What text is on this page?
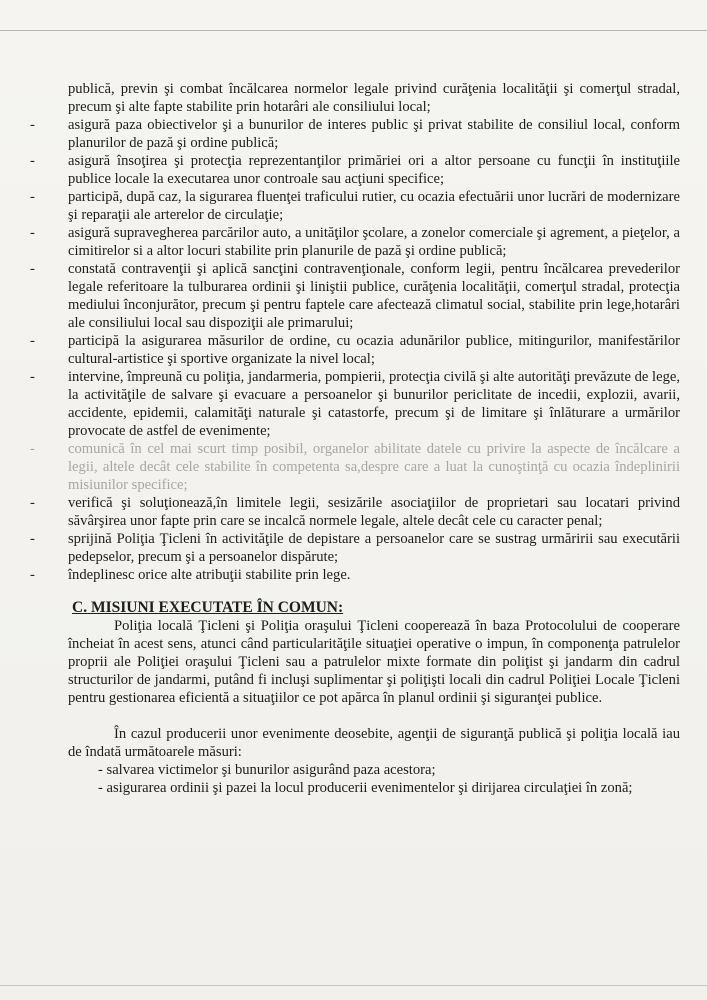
publică, previn şi combat încălcarea normelor legale privind curăţenia localităţii şi comerţul stradal, precum şi alte fapte stabilite prin hotarâri ale consiliului local;
- asigură paza obiectivelor şi a bunurilor de interes public şi privat stabilite de consiliul local, conform planurilor de pază şi ordine publică;
- asigură însoţirea şi protecţia reprezentanţilor primăriei ori a altor persoane cu funcţii în instituţiile publice locale la executarea unor controale sau acţiuni specifice;
- participă, după caz, la sigurarea fluenţei traficului rutier, cu ocazia efectuării unor lucrări de modernizare şi reparaţii ale arterelor de circulaţie;
- asigură supravegherea parcărilor auto, a unităţilor şcolare, a zonelor comerciale şi agrement, a pieţelor, a cimitirelor si a altor locuri stabilite prin planurile de pază şi ordine publică;
- constată contravenţii şi aplică sancţini contravenţionale, conform legii, pentru încălcarea prevederilor legale referitoare la tulburarea ordinii şi liniştii publice, curăţenia localităţii, comerţul stradal, protecţia mediului înconjurător, precum şi pentru faptele care afectează climatul social, stabilite prin lege,hotarâri ale consiliului local sau dispoziţii ale primarului;
- participă la asigurarea măsurilor de ordine, cu ocazia adunărilor publice, mitingurilor, manifestărilor cultural-artistice şi sportive organizate la nivel local;
- intervine, împreună cu poliţia, jandarmeria, pompierii, protecţia civilă şi alte autorităţi prevăzute de lege, la activităţile de salvare şi evacuare a persoanelor şi bunurilor periclitate de incedii, explozii, avarii, accidente, epidemii, calamităţi naturale şi catastorfe, precum şi de limitare şi înlăturare a urmărilor provocate de astfel de evenimente;
- comunică în cel mai scurt timp posibil, organelor abilitate datele cu privire la aspecte de încălcare a legii, altele decât cele stabilite în competenta sa,despre care a luat la cunoştinţă cu ocazia îndeplinirii misiunilor specifice;
- verifică şi soluţionează,în limitele legii, sesizările asociaţiilor de proprietari sau locatari privind săvârşirea unor fapte prin care se incalcă normele legale, altele decât cele cu caracter penal;
- sprijină Poliţia Ţicleni în activităţile de depistare a persoanelor care se sustrag urmăririi sau executării pedepselor, precum şi a persoanelor dispărute;
- îndeplinesc orice alte atribuţii stabilite prin lege.
C. MISIUNI EXECUTATE ÎN COMUN:
Poliţia locală Ţicleni şi Poliţia oraşului Ţicleni cooperează în baza Protocolului de cooperare încheiat în acest sens, atunci când particularităţile situaţiei operative o impun, în componenţa patrulelor proprii ale Poliţiei oraşului Ţicleni sau a patrulelor mixte formate din poliţist şi jandarm din cadrul structurilor de jandarmi, putând fi incluşi suplimentar şi poliţişti locali din cadrul Poliţiei Locale Ţicleni pentru gestionarea eficientă a situaţiilor ce pot apărca în planul ordinii şi siguranţei publice.
În cazul producerii unor evenimente deosebite, agenţii de siguranţă publică şi poliţia locală iau de îndată următoarele măsuri:
- salvarea victimelor şi bunurilor asigurând paza acestora;
- asigurarea ordinii şi pazei la locul producerii evenimentelor şi dirijarea circulaţiei în zonă;
